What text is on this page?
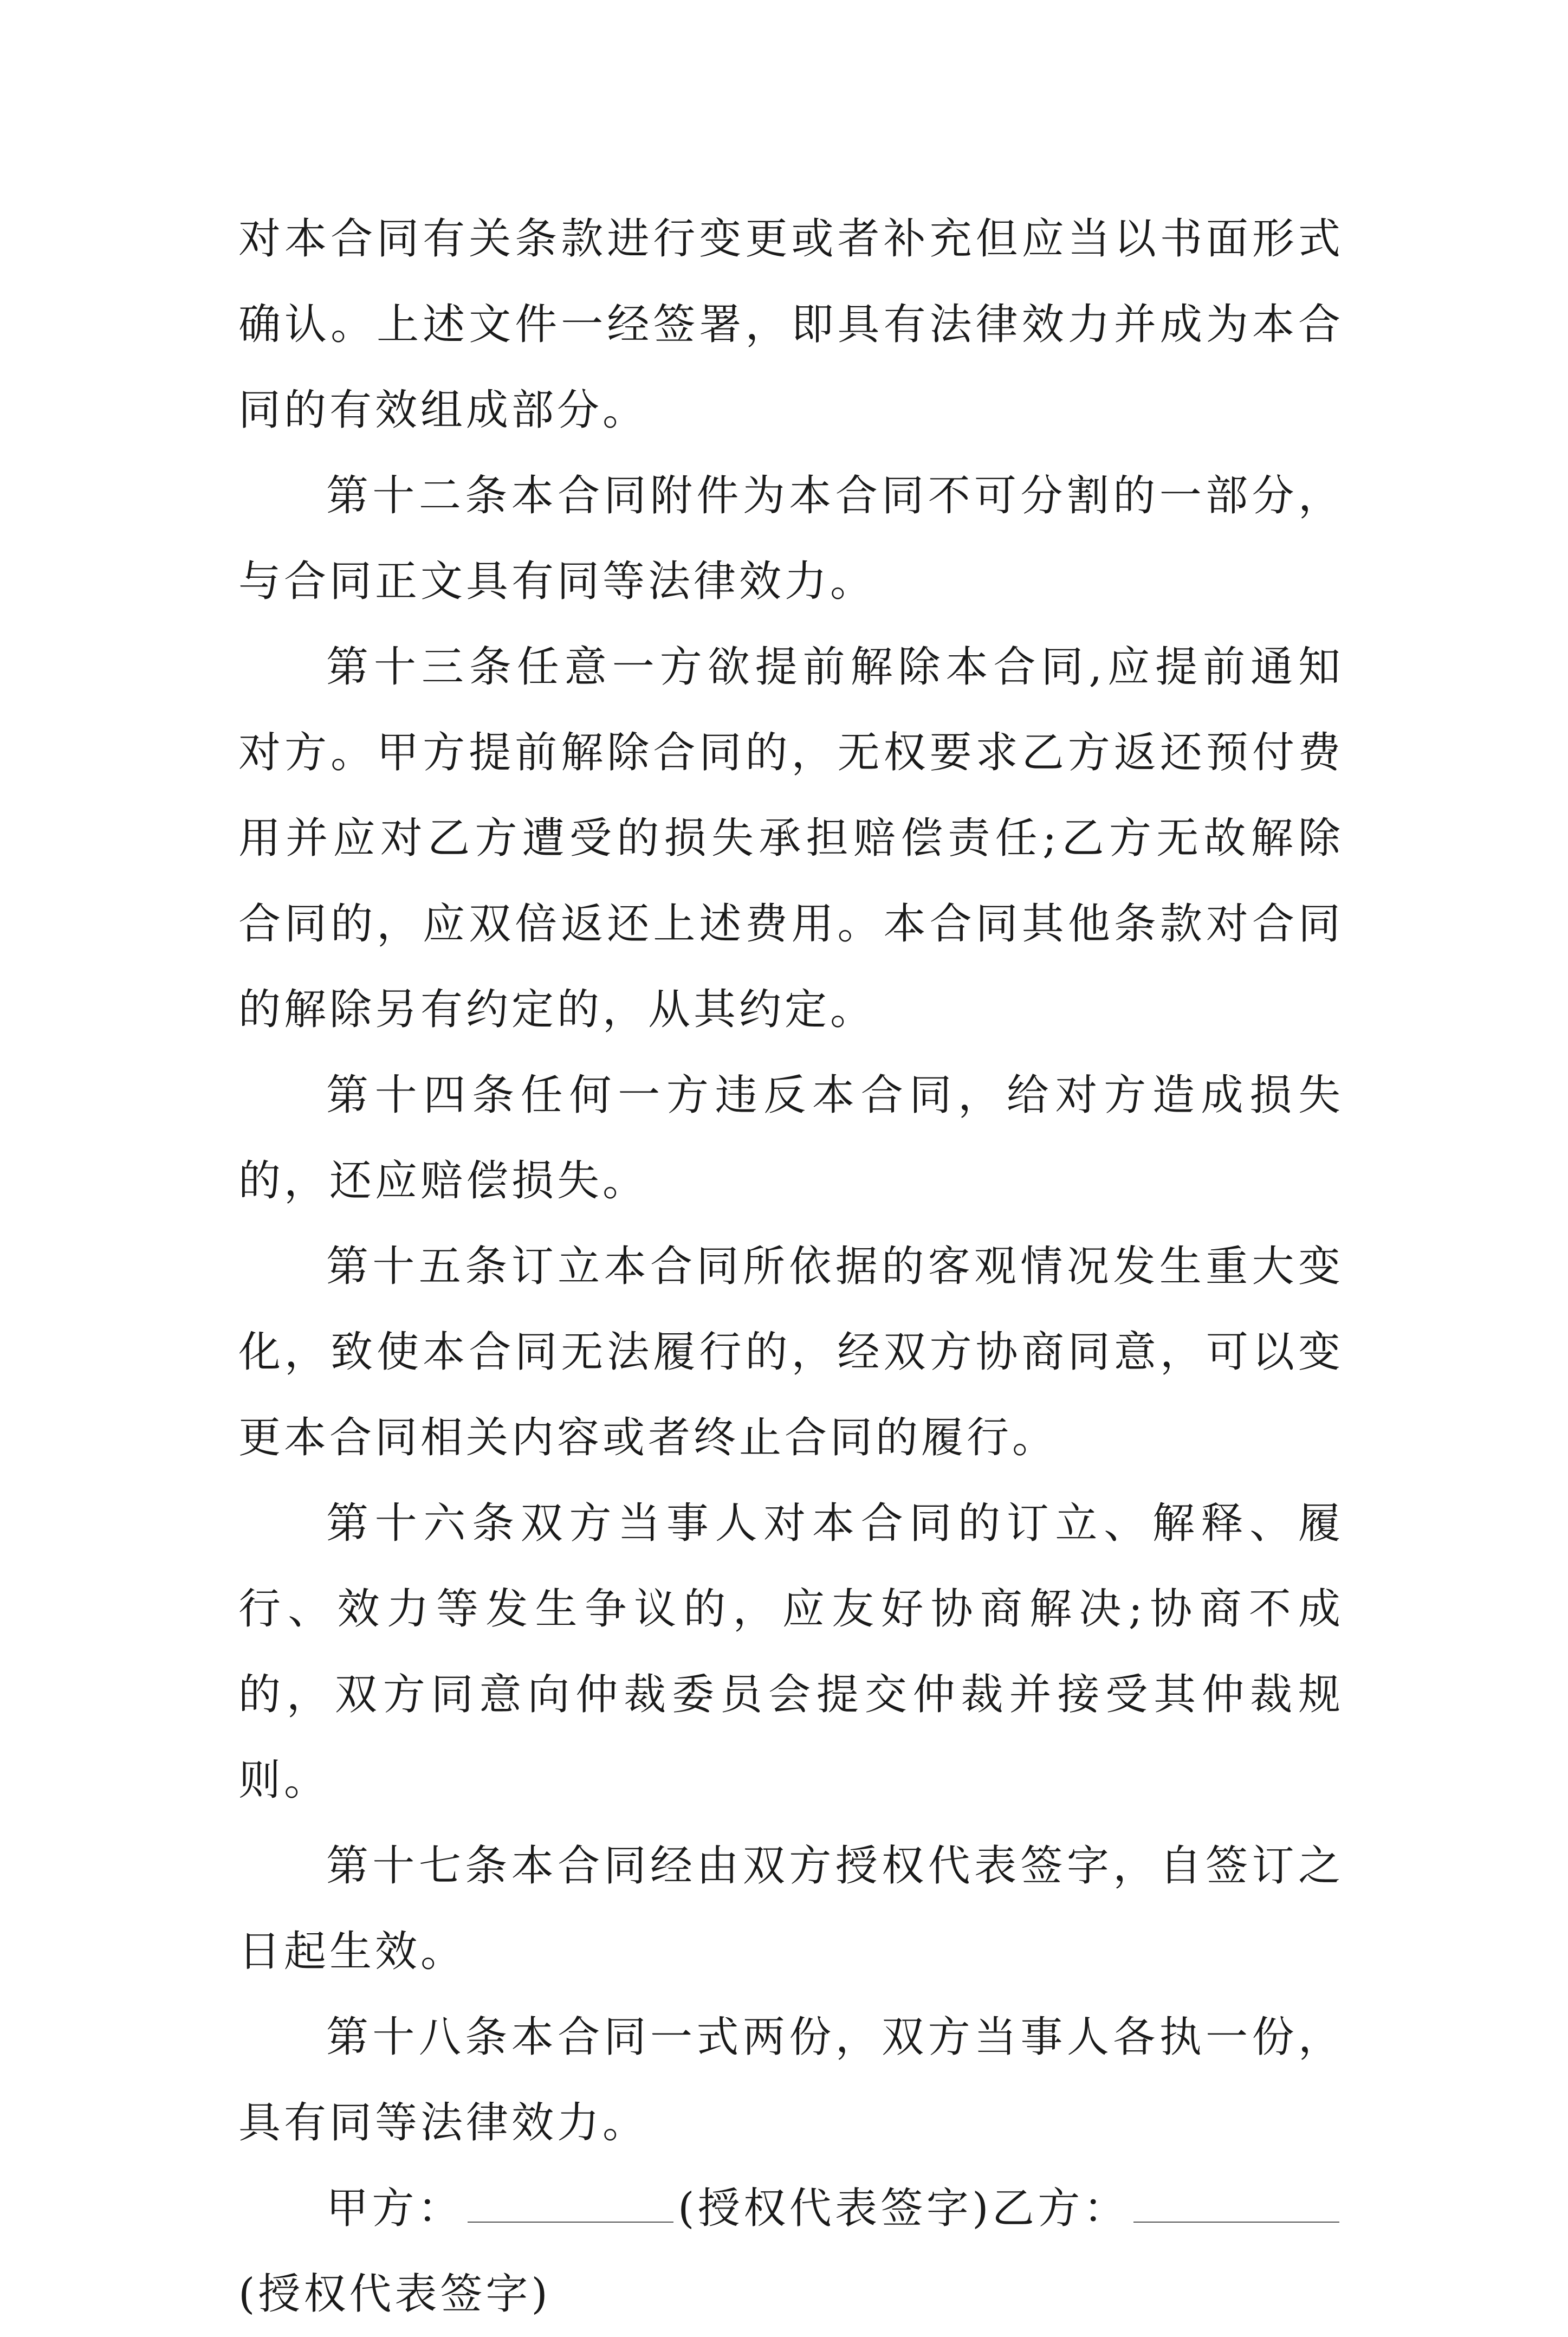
对本合同有关条款进行变更或者补充但应当以书面形式确认。上述文件一经签署，即具有法律效力并成为本合同的有效组成部分。

第十二条本合同附件为本合同不可分割的一部分，与合同正文具有同等法律效力。

第十三条任意一方欲提前解除本合同,应提前通知对方。甲方提前解除合同的，无权要求乙方返还预付费用并应对乙方遭受的损失承担赔偿责任;乙方无故解除合同的，应双倍返还上述费用。本合同其他条款对合同的解除另有约定的，从其约定。

第十四条任何一方违反本合同，给对方造成损失的，还应赔偿损失。

第十五条订立本合同所依据的客观情况发生重大变化，致使本合同无法履行的，经双方协商同意，可以变更本合同相关内容或者终止合同的履行。

第十六条双方当事人对本合同的订立、解释、履行、效力等发生争议的，应友好协商解决;协商不成的，双方同意向仲裁委员会提交仲裁并接受其仲裁规则。

第十七条本合同经由双方授权代表签字，自签订之日起生效。

第十八条本合同一式两份，双方当事人各执一份，具有同等法律效力。

甲方：	(授权代表签字)乙方：(授权代表签字)
